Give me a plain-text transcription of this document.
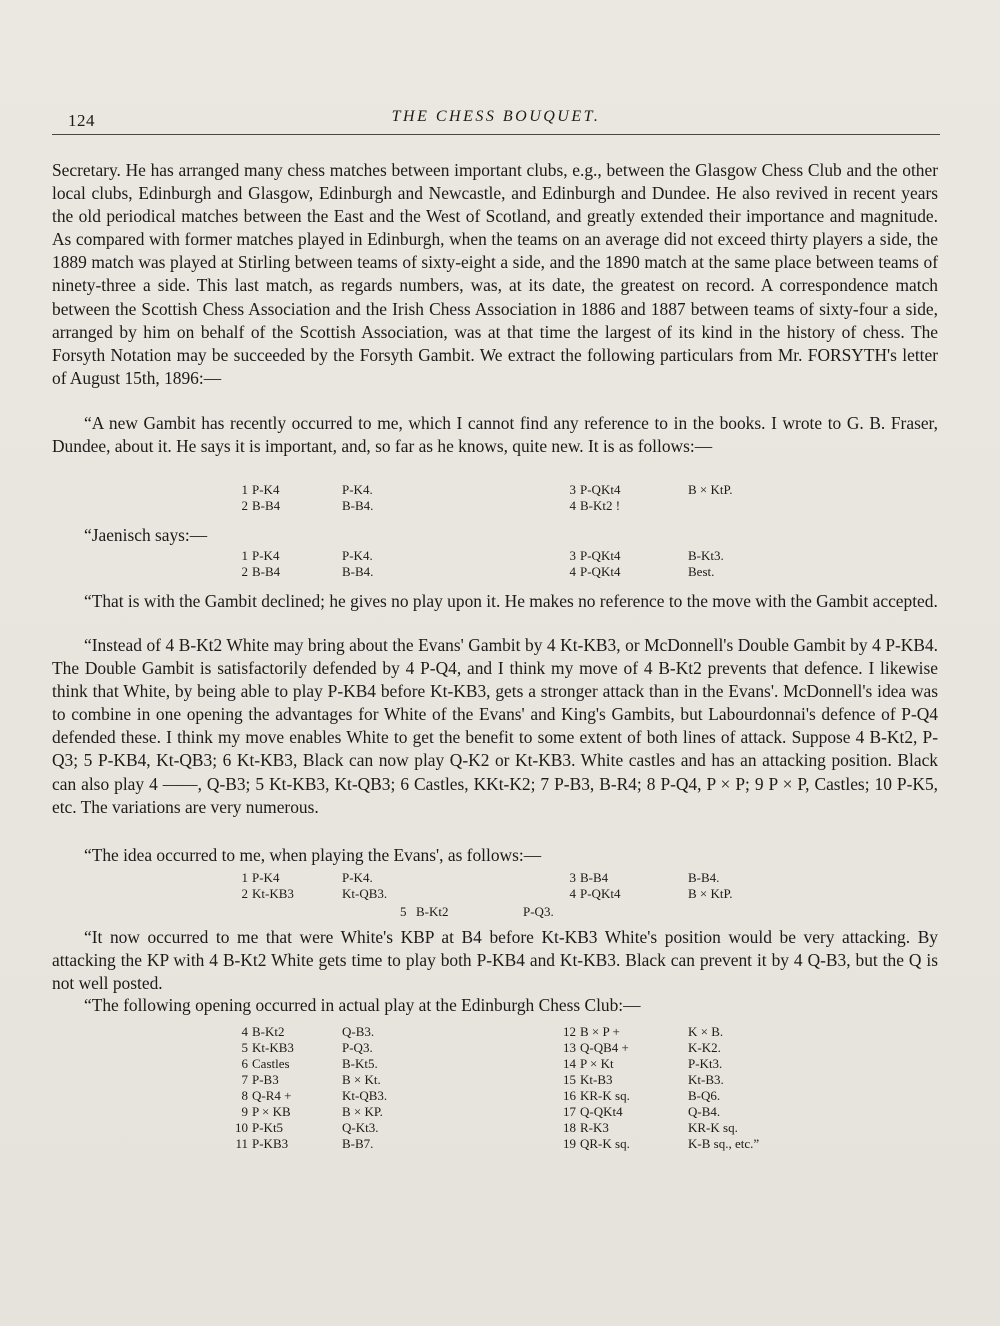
124	THE CHESS BOUQUET.

Secretary. He has arranged many chess matches between important clubs, e.g., between the Glasgow Chess Club and the other local clubs, Edinburgh and Glasgow, Edinburgh and Newcastle, and Edinburgh and Dundee. He also revived in recent years the old periodical matches between the East and the West of Scotland, and greatly extended their importance and magnitude. As compared with former matches played in Edinburgh, when the teams on an average did not exceed thirty players a side, the 1889 match was played at Stirling between teams of sixty-eight a side, and the 1890 match at the same place between teams of ninety-three a side. This last match, as regards numbers, was, at its date, the greatest on record. A correspondence match between the Scottish Chess Association and the Irish Chess Association in 1886 and 1887 between teams of sixty-four a side, arranged by him on behalf of the Scottish Association, was at that time the largest of its kind in the history of chess. The Forsyth Notation may be succeeded by the Forsyth Gambit. We extract the following particulars from Mr. FORSYTH's letter of August 15th, 1896:—

“A new Gambit has recently occurred to me, which I cannot find any reference to in the books. I wrote to G. B. Fraser, Dundee, about it. He says it is important, and, so far as he knows, quite new. It is as follows:—

1 P-K4	P-K4.	3 P-QKt4	B × KtP.
2 B-B4	B-B4.	4 B-Kt2 !

“Jaenisch says:—

1 P-K4	P-K4.	3 P-QKt4	B-Kt3.
2 B-B4	B-B4.	4 P-QKt4	Best.

“That is with the Gambit declined; he gives no play upon it. He makes no reference to the move with the Gambit accepted.

“Instead of 4 B-Kt2 White may bring about the Evans' Gambit by 4 Kt-KB3, or McDonnell's Double Gambit by 4 P-KB4. The Double Gambit is satisfactorily defended by 4 P-Q4, and I think my move of 4 B-Kt2 prevents that defence. I likewise think that White, by being able to play P-KB4 before Kt-KB3, gets a stronger attack than in the Evans'. McDonnell's idea was to combine in one opening the advantages for White of the Evans' and King's Gambits, but Labourdonnai's defence of P-Q4 defended these. I think my move enables White to get the benefit to some extent of both lines of attack. Suppose 4 B-Kt2, P-Q3; 5 P-KB4, Kt-QB3; 6 Kt-KB3, Black can now play Q-K2 or Kt-KB3. White castles and has an attacking position. Black can also play 4 ——, Q-B3; 5 Kt-KB3, Kt-QB3; 6 Castles, KKt-K2; 7 P-B3, B-R4; 8 P-Q4, P × P; 9 P × P, Castles; 10 P-K5, etc. The variations are very numerous.

“The idea occurred to me, when playing the Evans', as follows:—

1 P-K4	P-K4.	3 B-B4	B-B4.
2 Kt-KB3	Kt-QB3.	4 P-QKt4	B × KtP.
5 B-Kt2	P-Q3.

“It now occurred to me that were White's KBP at B4 before Kt-KB3 White's position would be very attacking. By attacking the KP with 4 B-Kt2 White gets time to play both P-KB4 and Kt-KB3. Black can prevent it by 4 Q-B3, but the Q is not well posted.

“The following opening occurred in actual play at the Edinburgh Chess Club:—

4 B-Kt2	Q-B3.	12 B × P +	K × B.
5 Kt-KB3	P-Q3.	13 Q-QB4 +	K-K2.
6 Castles	B-Kt5.	14 P × Kt	P-Kt3.
7 P-B3	B × Kt.	15 Kt-B3	Kt-B3.
8 Q-R4 +	Kt-QB3.	16 KR-K sq.	B-Q6.
9 P × KB	B × KP.	17 Q-QKt4	Q-B4.
10 P-Kt5	Q-Kt3.	18 R-K3	KR-K sq.
11 P-KB3	B-B7.	19 QR-K sq.	K-B sq., etc.”
